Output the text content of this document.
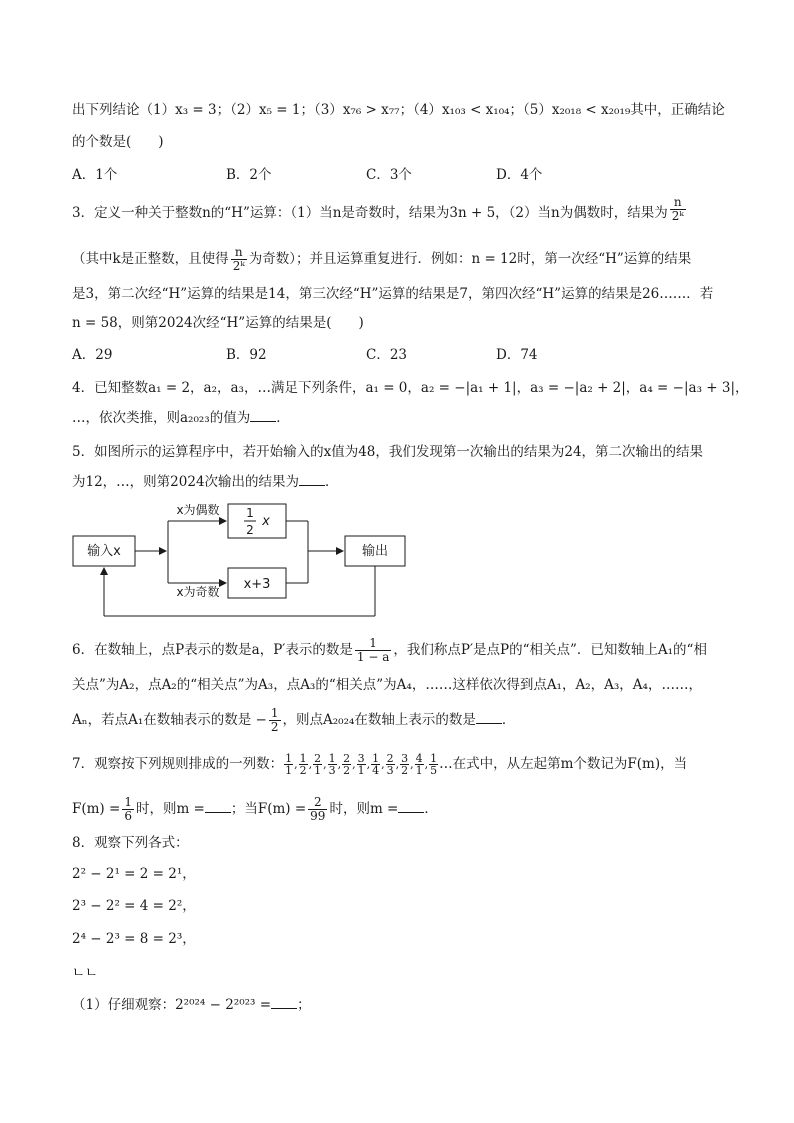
出下列结论（1）x₃ = 3；（2）x₅ = 1；（3）x₇₆ > x₇₇；（4）x₁₀₃ < x₁₀₄；（5）x₂₀₁₈ < x₂₀₁₉其中，正确结论
的个数是(　　)
A．1个	B．2个	C．3个	D．4个
3．定义一种关于整数n的“H”运算：（1）当n是奇数时，结果为3n + 5，（2）当n为偶数时，结果为 $\frac{n}{\text{2ᵏ}}$
（其中k是正整数，且使得 $\frac{n}{\text{2ᵏ}}$ 为奇数）；并且运算重复进行．例如：n = 12时，第一次经“H”运算的结果
是3，第二次经“H”运算的结果是14，第三次经“H”运算的结果是7，第四次经“H”运算的结果是26……．若
n = 58，则第2024次经“H”运算的结果是(　　)
A．29	B．92	C．23	D．74
4．已知整数a₁ = 2，a₂，a₃，…满足下列条件，a₁ = 0，a₂ = −|a₁ + 1|，a₃ = −|a₂ + 2|，a₄ = −|a₃ + 3|，
…，依次类推，则a₂₀₂₃的值为 ．
5．如图所示的运算程序中，若开始输入的x值为48，我们发现第一次输出的结果为24，第二次输出的结果
为12，…，则第2024次输出的结果为 ．
输入x	输出
x为偶数
x为奇数
1
2
x
x+3
6．在数轴上，点P表示的数是a，P′表示的数是 $\frac{1}{1 - a}$ ，我们称点P′是点P的“相关点”．已知数轴上A₁的“相
关点”为A₂，点A₂的“相关点”为A₃，点A₃的“相关点”为A₄，……这样依次得到点A₁，A₂，A₃，A₄，……，
Aₙ，若点A₁在数轴表示的数是 − $\frac{1}{2}$ ，则点A₂₀₂₄在数轴上表示的数是 ．
7．观察按下列规则排成的一列数： $\frac{1}{1}$ , $\frac{1}{2}$ , $\frac{2}{1}$ , $\frac{1}{3}$ , $\frac{2}{2}$ , $\frac{3}{1}$ , $\frac{1}{4}$ , $\frac{2}{3}$ , $\frac{3}{2}$ , $\frac{4}{1}$ , $\frac{1}{5}$ …在式中，从左起第m个数记为F(m)，当
$F(m) = \frac{1}{6}$ 时，则m = ；当$F(m) = \frac{2}{99}$ 时，则m = ．
8．观察下列各式：
2² − 2¹ = 2 = 2¹，
2³ − 2² = 4 = 2²，
2⁴ − 2³ = 8 = 2³，
ㄴㄴ
（1）仔细观察：2²⁰²⁴ − 2²⁰²³ = ；
